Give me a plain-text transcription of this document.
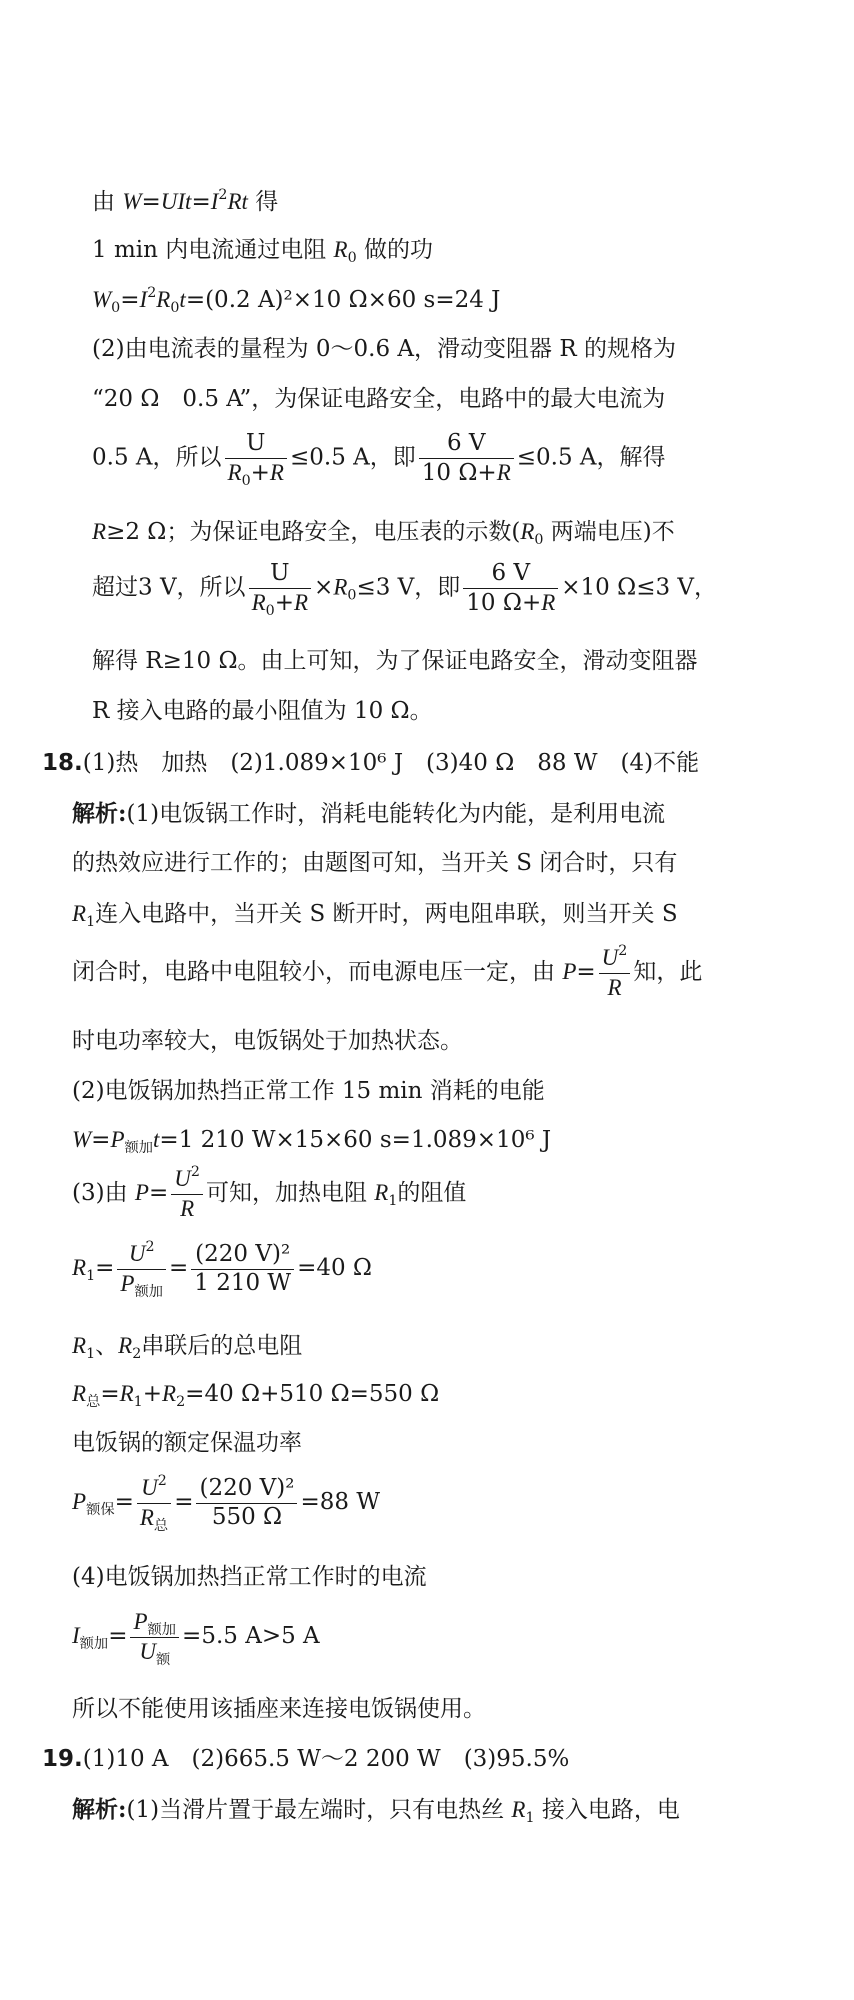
由 $W=UIt=I^2Rt$ 得
1 min 内电流通过电阻 $R_0$ 做的功
$W_0=I^2R_0t=(0.2$ A)²×10 Ω×60 s=24 J
(2)由电流表的量程为 0～0.6 A，滑动变阻器 R 的规格为
“20 Ω　0.5 A”，为保证电路安全，电路中的最大电流为
0.5 A，所以 $\frac{U}{R_0+R} \le 0.5$ A，即 $\frac{6 V}{10 \Omega+R} \le 0.5$ A，解得
R≥2 Ω；为保证电路安全，电压表的示数($R_0$ 两端电压)不
超过3 V，所以 $\frac{U}{R_0+R} \times R_0\le 3$ V，即 $\frac{6 V}{10 \Omega+R} \times 10$ Ω≤3 V，
解得 R≥10 Ω。由上可知，为了保证电路安全，滑动变阻器
R 接入电路的最小阻值为 10 Ω。
18.(1)热　加热　(2)1.089×10⁶ J　(3)40 Ω　88 W　(4)不能
解析:(1)电饭锅工作时，消耗电能转化为内能，是利用电流
的热效应进行工作的；由题图可知，当开关 S 闭合时，只有
$R_1$连入电路中，当开关 S 断开时，两电阻串联，则当开关 S
闭合时，电路中电阻较小，而电源电压一定，由 $P= \frac{U^2}{R}$ 知，此
时电功率较大，电饭锅处于加热状态。
(2)电饭锅加热挡正常工作 15 min 消耗的电能
$W=P_{额加}t=1$ 210 W×15×60 s=1.089×10⁶ J
(3)由 $P= \frac{U^2}{R}$ 可知，加热电阻 $R_1$的阻值
$R_1= \frac{U^2}{P_{额加}} = \frac{\text{(220 V)²}}{1 210 W} =40$ Ω
$R_1$、$R_2$串联后的总电阻
$R_总=R_1+R_2=40$ Ω+510 Ω=550 Ω
电饭锅的额定保温功率
$P_{额保}= \frac{U^2}{R_总} = \frac{\text{(220 V)²}}{550 \Omega} =88$ W
(4)电饭锅加热挡正常工作时的电流
$I_{额加}= \frac{P_{额加}}{U_额} =5.5$ A>5 A
所以不能使用该插座来连接电饭锅使用。
19.(1)10 A　(2)665.5 W～2 200 W　(3)95.5%
解析:(1)当滑片置于最左端时，只有电热丝 $R_1$ 接入电路，电
